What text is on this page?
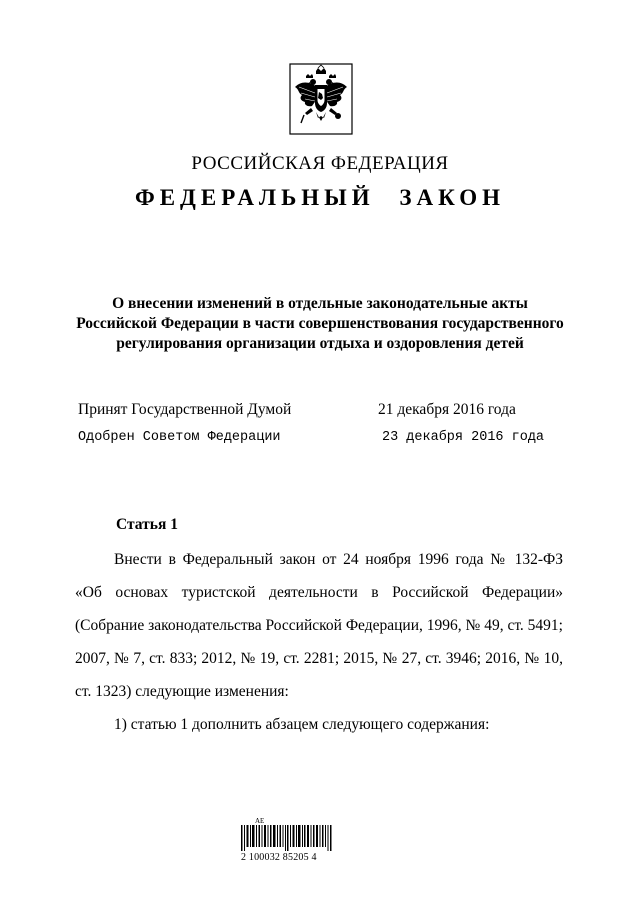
РОССИЙСКАЯ ФЕДЕРАЦИЯ
ФЕДЕРАЛЬНЫЙ ЗАКОН
О внесении изменений в отдельные законодательные акты
Российской Федерации в части совершенствования государственного
регулирования организации отдыха и оздоровления детей
Принят Государственной Думой	21 декабря 2016 года
Одобрен Советом Федерации	23 декабря 2016 года
Статья 1
Внести в Федеральный закон от 24 ноября 1996 года № 132-ФЗ
«Об основах туристской деятельности в Российской Федерации»
(Собрание законодательства Российской Федерации, 1996, № 49, ст. 5491;
2007, № 7, ст. 833; 2012, № 19, ст. 2281; 2015, № 27, ст. 3946; 2016, № 10,
ст. 1323) следующие изменения:
1) статью 1 дополнить абзацем следующего содержания:
АЕ
2 100032 85205 4
